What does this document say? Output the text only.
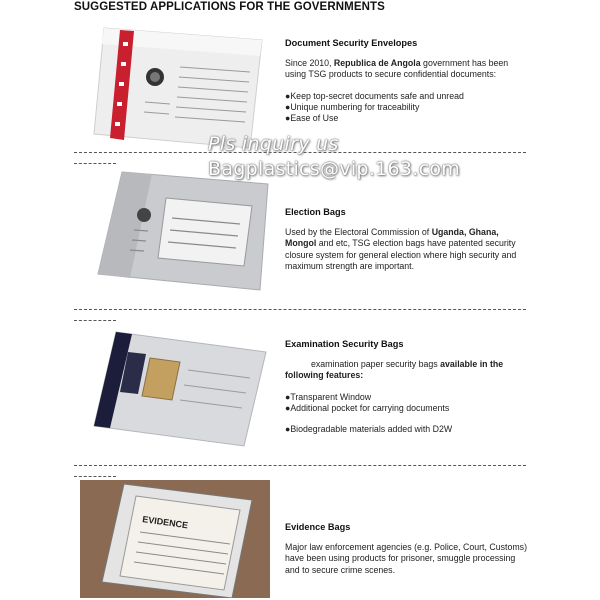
SUGGESTED APPLICATIONS FOR THE GOVERNMENTS
Document Security Envelopes
Since 2010, Republica de Angola government has been using TSG products to secure confidential documents:
●Keep top-secret documents safe and unread
●Unique numbering for traceability
●Ease of Use
Election Bags
Used by the Electoral Commission of Uganda, Ghana, Mongol and etc, TSG election bags have patented security closure system for general election where high security and maximum strength are important.
Examination Security Bags
examination paper security bags available in the following features:
●Transparent Window
●Additional pocket for carrying documents
●Biodegradable materials added with D2W
EVIDENCE	Evidence Bags
Major law enforcement agencies (e.g. Police, Court, Customs) have been using products for prisoner, smuggle processing and to secure crime scenes.
Pls inquiry us
Bagplastics@vip.163.com
